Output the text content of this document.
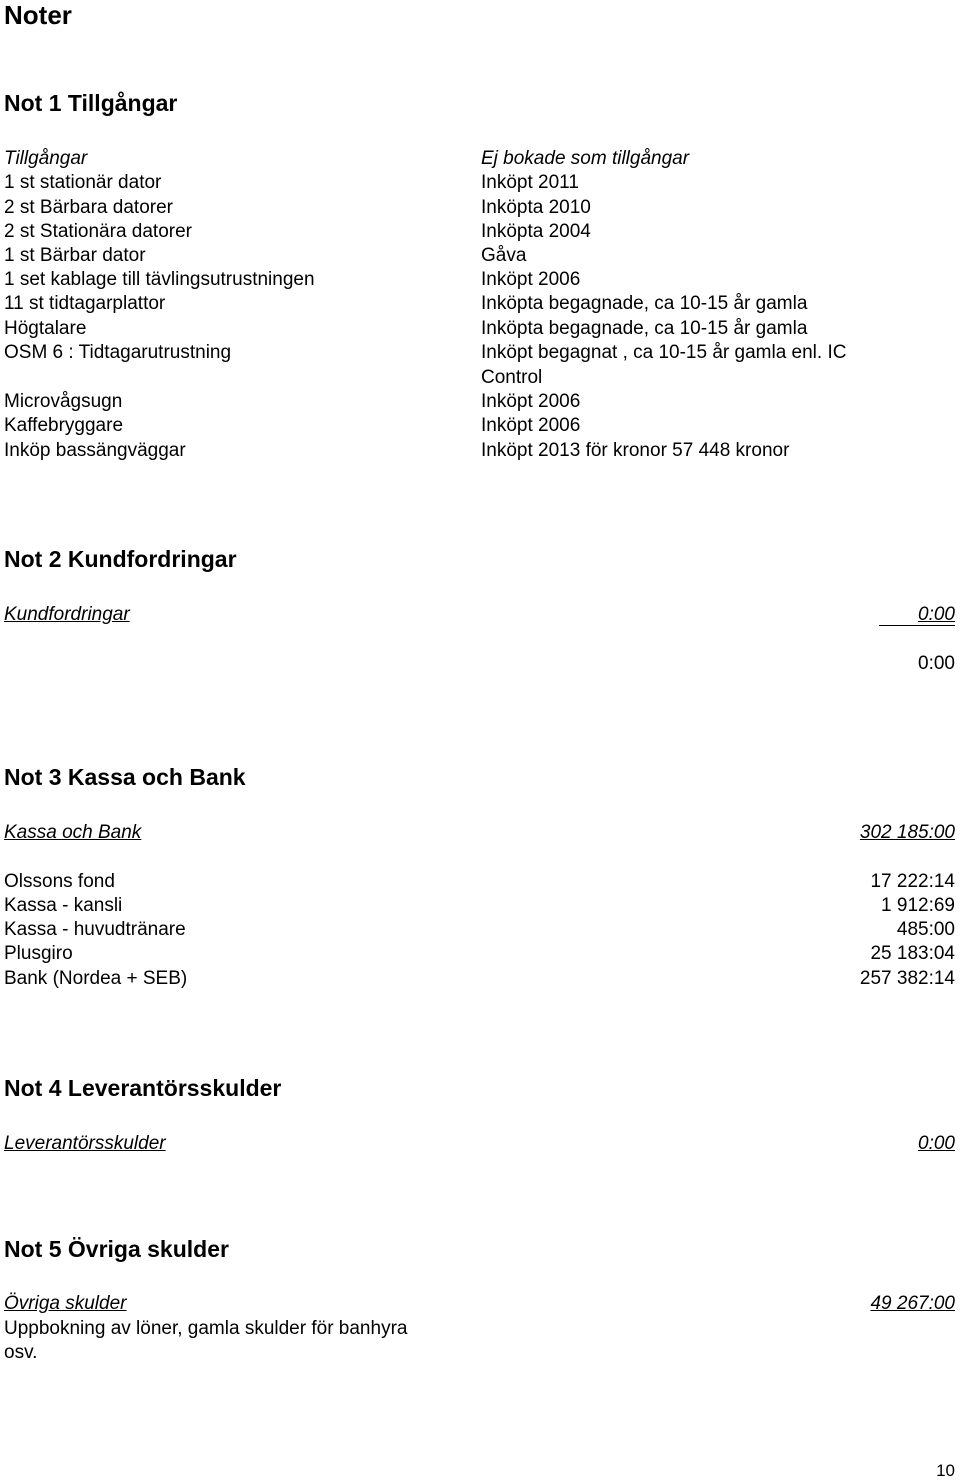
Noter
Not 1 Tillgångar
Tillgångar	Ej bokade som tillgångar
1 st stationär dator	Inköpt 2011
2 st Bärbara datorer	Inköpta 2010
2 st Stationära datorer	Inköpta 2004
1 st Bärbar dator	Gåva
1 set kablage till tävlingsutrustningen	Inköpt 2006
11 st tidtagarplattor	Inköpta begagnade, ca 10-15 år gamla
Högtalare	Inköpta begagnade, ca 10-15 år gamla
OSM 6 : Tidtagarutrustning	Inköpt begagnat , ca 10-15 år gamla enl. IC
Control
Microvågsugn	Inköpt 2006
Kaffebryggare	Inköpt 2006
Inköp bassängväggar	Inköpt 2013 för kronor 57 448 kronor
Not 2 Kundfordringar
Kundfordringar	0:00
0:00
Not 3 Kassa och Bank
Kassa och Bank	302 185:00
Olssons fond	17 222:14
Kassa - kansli	1 912:69
Kassa - huvudtränare	485:00
Plusgiro	25 183:04
Bank (Nordea + SEB)	257 382:14
Not 4 Leverantörsskulder
Leverantörsskulder	0:00
Not 5 Övriga skulder
Övriga skulder	49 267:00
Uppbokning av löner, gamla skulder för banhyra
osv.
10
